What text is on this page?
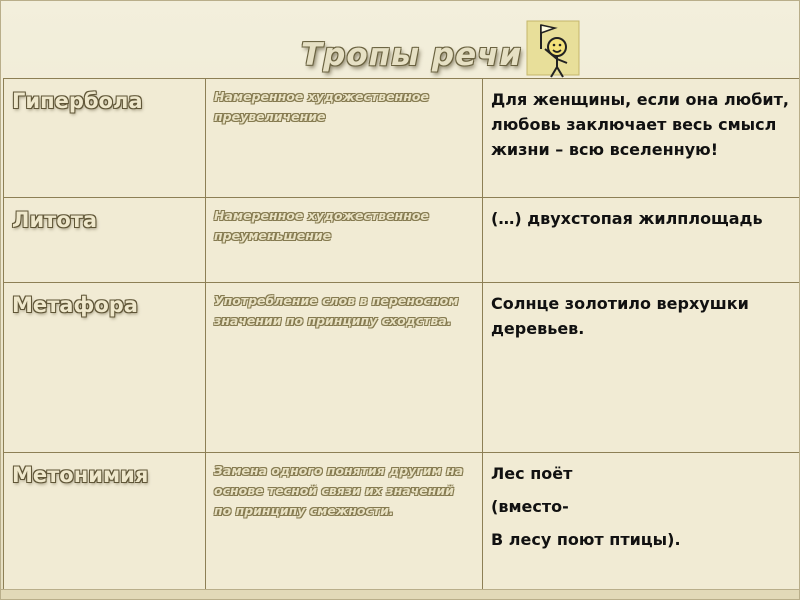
Тропы речи
Гипербола	Намеренное художественное преувеличение	Для женщины, если она любит, любовь заключает весь смысл жизни – всю вселенную!

Литота	Намеренное художественное преуменьшение	(…) двухстопая жилплощадь

Метафора	Употребление слов в переносном значении по принципу сходства.	Солнце золотило верхушки деревьев.

Метонимия	Замена одного понятия другим на основе тесной связи их значений по принципу смежности.	Лес поёт
(вместо-
В лесу поют птицы).
